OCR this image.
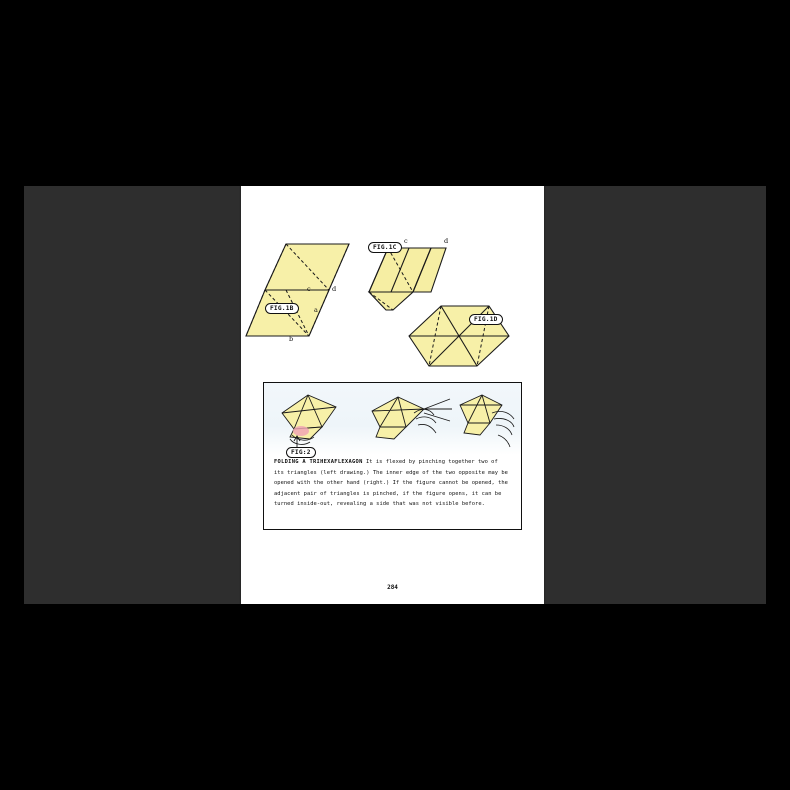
FIG.1B
FIG.1C
FIG.1D
c	d
a
b
c	d
FIG:2
FOLDING A TRIHEXAFLEXAGON It is flexed by pinching together two of its triangles (left drawing.) The inner edge of the two opposite may be opened with the other hand (right.) If the figure cannot be opened, the adjacent pair of triangles is pinched, if the figure opens, it can be turned inside-out, revealing a side that was not visible before.
284
